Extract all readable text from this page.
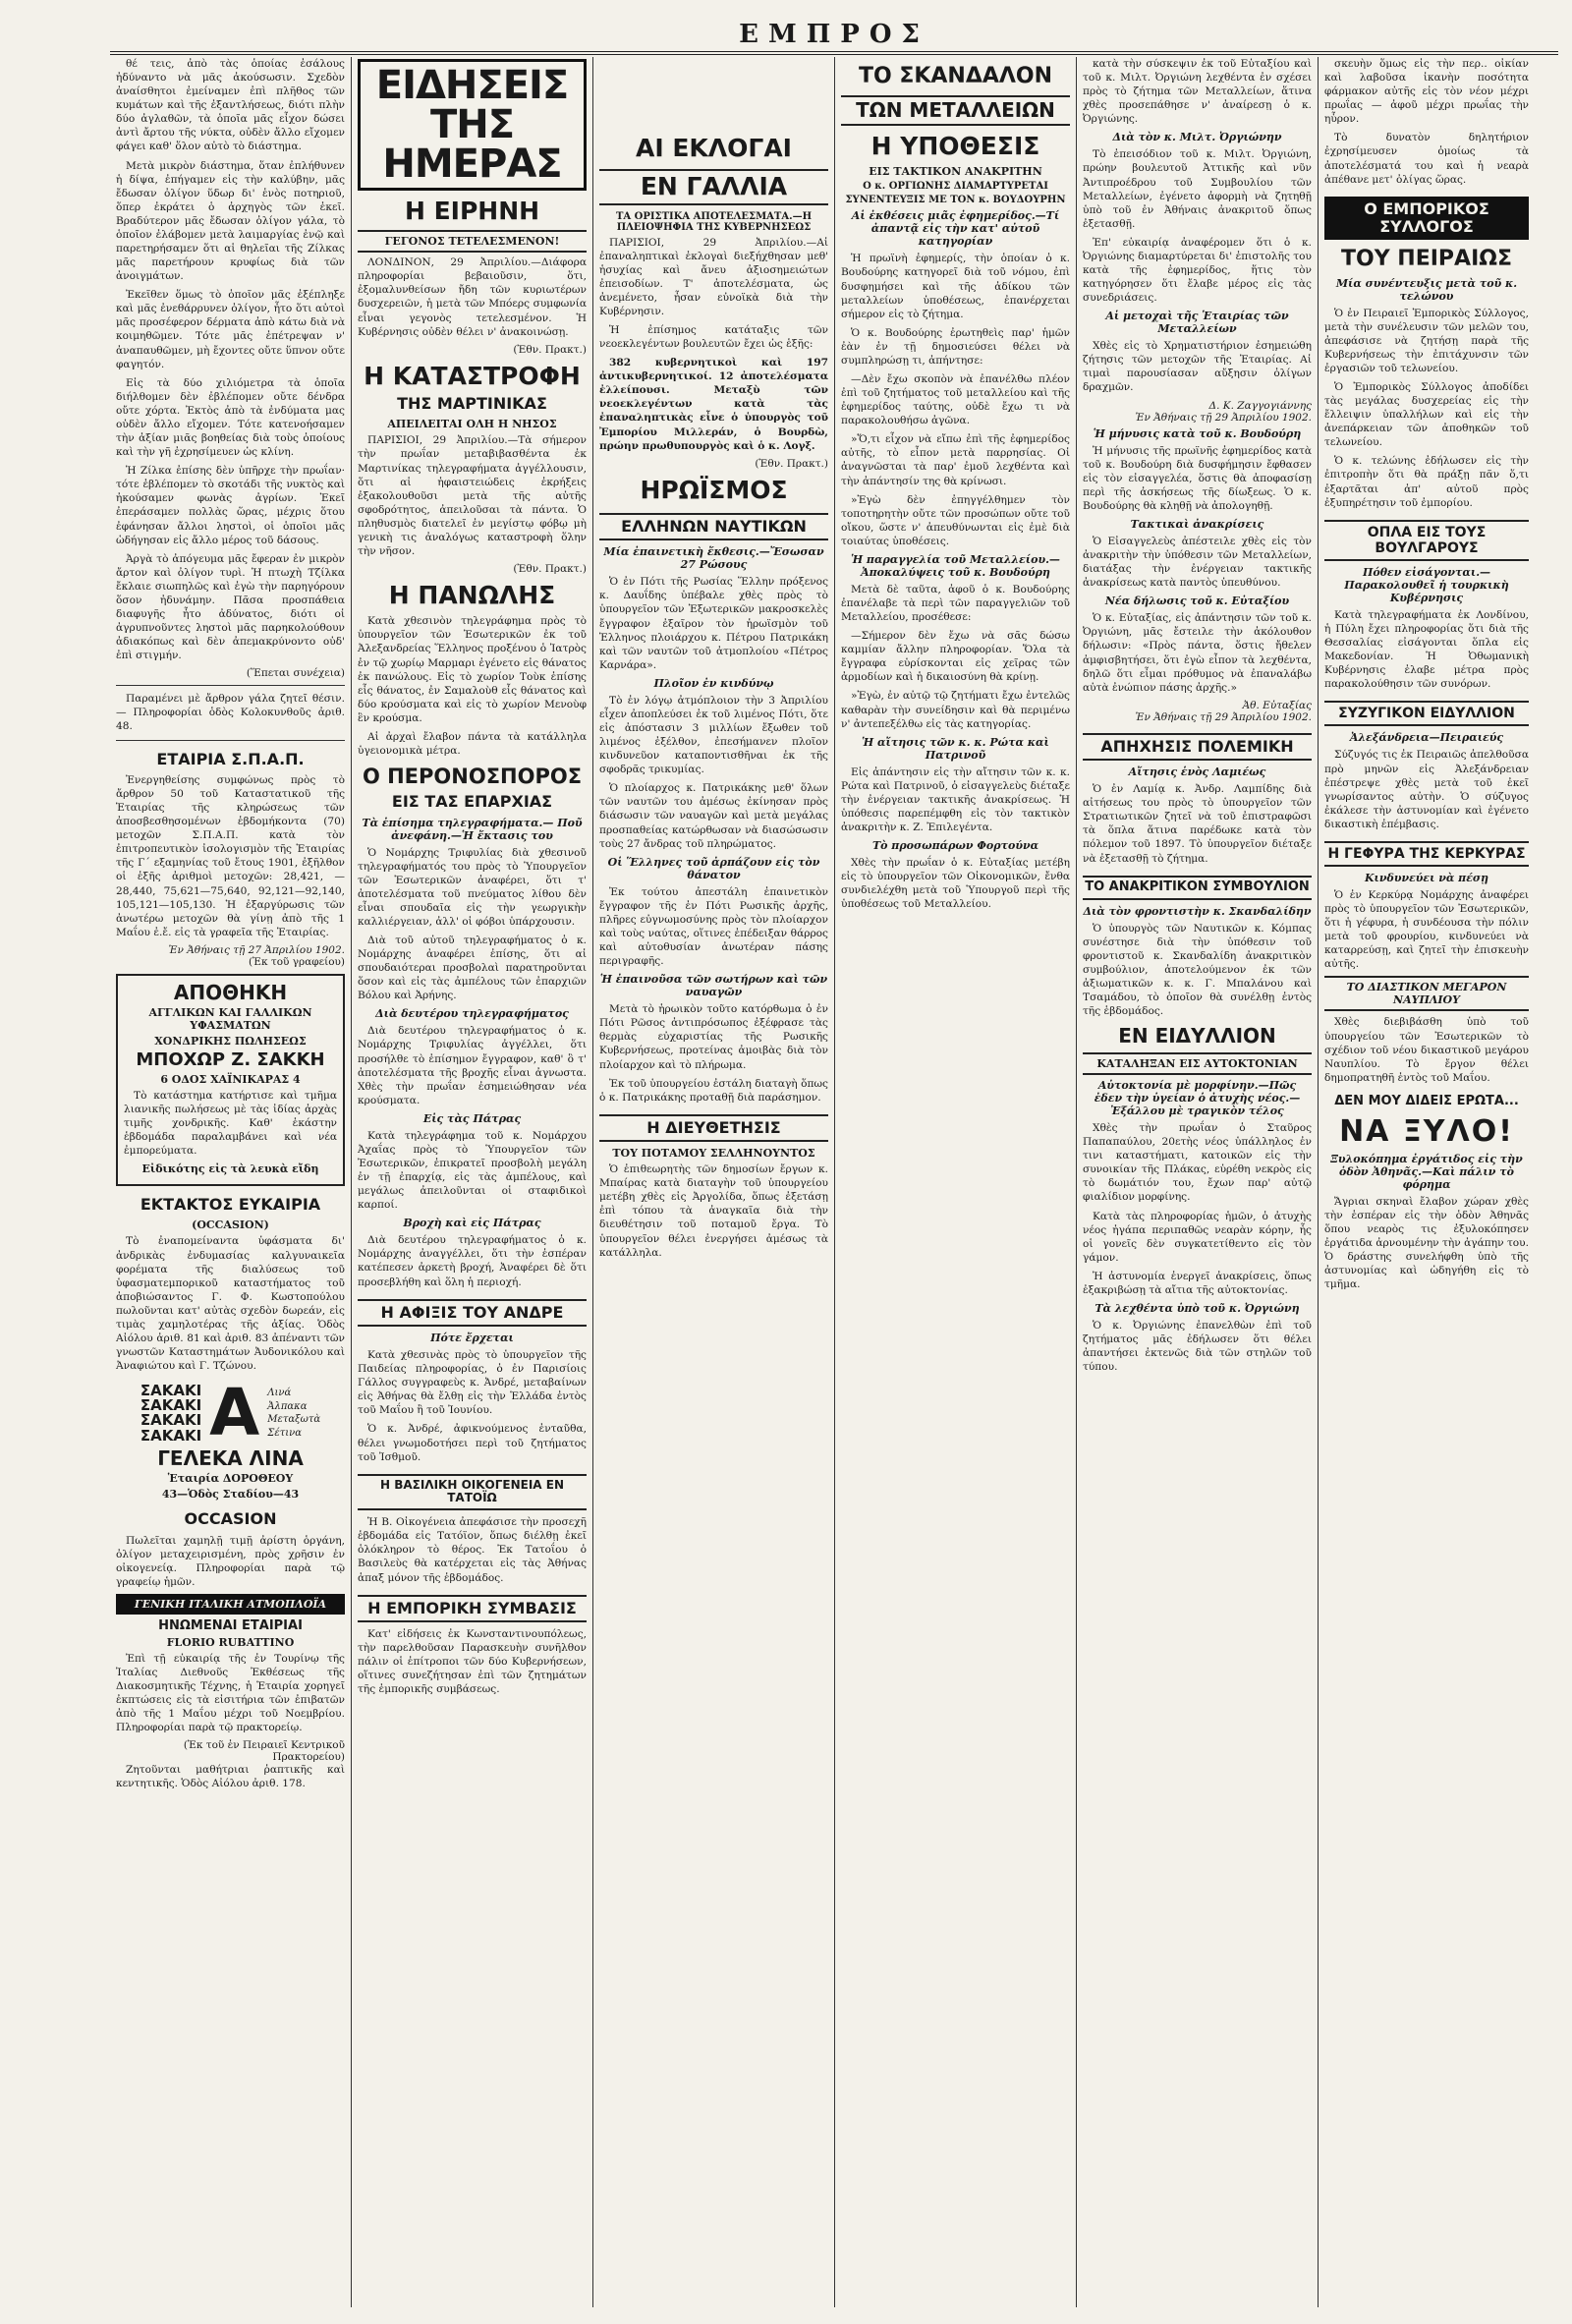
ΕΜΠΡΟΣ

θέ τεις, ἀπὸ τὰς ὁποίας ἐσάλους ἠδύναντο νὰ μᾶς ἀκούσωσιν. Σχεδὸν ἀναίσθητοι ἐμείναμεν ἐπὶ πλῆθος τῶν κυμάτων καὶ τῆς ἐξαντλήσεως, διότι πλὴν δύο ἀγλαθῶν, τὰ ὁποῖα μᾶς εἶχον δώσει ἀντὶ ἄρτου τῆς νύκτα, οὐδὲν ἄλλο εἴχομεν φάγει καθ' ὅλον αὐτὸ τὸ διάστημα.

Μετὰ μικρὸν διάστημα, ὅταν ἐπλήθυνεν ἡ δίψα, ἐπήγαμεν εἰς τὴν καλύβην, μᾶς ἔδωσαν ὀλίγον ὕδωρ δι' ἑνὸς ποτηριοῦ, ὅπερ ἐκράτει ὁ ἀρχηγὸς τῶν ἐκεῖ. Βραδύτερον μᾶς ἔδωσαν ὀλίγον γάλα, τὸ ὁποῖον ἐλάβομεν μετὰ λαιμαργίας ἐνῷ καὶ παρετηρήσαμεν ὅτι αἱ θηλεῖαι τῆς Ζίλκας μᾶς παρετήρουν κρυφίως διὰ τῶν ἀνοιγμάτων.

Ἐκεῖθεν ὅμως τὸ ὁποῖον μᾶς ἐξέπληξε καὶ μᾶς ἐνεθάρρυνεν ὀλίγον, ἦτο ὅτι αὐτοὶ μᾶς προσέφερον δέρματα ἀπὸ κάτω διὰ νὰ κοιμηθῶμεν. Τότε μᾶς ἐπέτρεψαν ν' ἀναπαυθῶμεν, μὴ ἔχοντες οὔτε ὕπνον οὔτε φαγητόν.

Εἰς τὰ δύο χιλιόμετρα τὰ ὁποῖα διήλθομεν δὲν ἐβλέπομεν οὔτε δένδρα οὔτε χόρτα. Ἐκτὸς ἀπὸ τὰ ἐνδύματα μας οὐδὲν ἄλλο εἴχομεν. Τότε κατενοήσαμεν τὴν ἀξίαν μιᾶς βοηθείας διὰ τοὺς ὁποίους καὶ τὴν γῆ ἐχρησίμευεν ὡς κλίνη.

Ἡ Ζίλκα ἐπίσης δὲν ὑπῆρχε τὴν πρωΐαν· τότε ἐβλέπομεν τὸ σκοτάδι τῆς νυκτὸς καὶ ἠκούσαμεν φωνὰς ἀγρίων. Ἐκεῖ ἐπεράσαμεν πολλὰς ὥρας, μέχρις ὅτου ἐφάνησαν ἄλλοι ληστοὶ, οἱ ὁποῖοι μᾶς ὡδήγησαν εἰς ἄλλο μέρος τοῦ δάσους.

Ἀργὰ τὸ ἀπόγευμα μᾶς ἔφεραν ἐν μικρὸν ἄρτον καὶ ὀλίγον τυρὶ. Ἡ πτωχὴ Τζίλκα ἔκλαιε σιωπηλῶς καὶ ἐγὼ τὴν παρηγόρουν ὅσον ἠδυνάμην. Πᾶσα προσπάθεια διαφυγῆς ἦτο ἀδύνατος, διότι οἱ ἀγρυπνοῦντες ληστοὶ μᾶς παρηκολούθουν ἀδιακόπως καὶ δὲν ἀπεμακρύνοντο οὐδ' ἐπὶ στιγμήν.

(Ἕπεται συνέχεια)

Παραμένει μὲ ἄρθρον γάλα ζητεῖ θέσιν.— Πληροφορίαι ὁδὸς Κολοκυνθοῦς ἀριθ. 48.

ΕΤΑΙΡΙΑ Σ.Π.Α.Π.

Ἐνεργηθείσης συμφώνως πρὸς τὸ ἄρθρον 50 τοῦ Καταστατικοῦ τῆς Ἑταιρίας τῆς κληρώσεως τῶν ἀποσβεσθησομένων ἑβδομήκοντα (70) μετοχῶν Σ.Π.Α.Π. κατὰ τὸν ἐπιτροπευτικὸν ἰσολογισμὸν τῆς Ἑταιρίας τῆς Γ΄ εξαμηνίας τοῦ ἔτους 1901, ἐξῆλθον οἱ ἑξῆς ἀριθμοὶ μετοχῶν: 28,421, —28,440, 75,621—75,640, 92,121—92,140, 105,121—105,130. Ἡ ἐξαργύρωσις τῶν ἀνωτέρω μετοχῶν θὰ γίνῃ ἀπὸ τῆς 1 Μαΐου ἐ.ἔ. εἰς τὰ γραφεῖα τῆς Ἑταιρίας.

Ἐν Ἀθήναις τῇ 27 Ἀπριλίου 1902.
(Ἐκ τοῦ γραφείου)
ΑΠΟΘΗΚΗ
ΑΓΓΛΙΚΩΝ ΚΑΙ ΓΑΛΛΙΚΩΝ ΥΦΑΣΜΑΤΩΝ
ΧΟΝΔΡΙΚΗΣ ΠΩΛΗΣΕΩΣ
ΜΠΟΧΩΡ Ζ. ΣΑΚΚΗ
6 ΟΔΟΣ ΧΑΪΝΙΚΑΡΑΣ 4

Τὸ κατάστημα κατήρτισε καὶ τμῆμα λιανικῆς πωλήσεως μὲ τὰς ἰδίας ἀρχὰς τιμῆς χονδρικῆς. Καθ' ἑκάστην ἑβδομάδα παραλαμβάνει καὶ νέα ἐμπορεύματα.

Εἰδικότης εἰς τὰ λευκὰ εἴδη
ΕΚΤΑΚΤΟΣ ΕΥΚΑΙΡΙΑ
(OCCASION)

Τὸ ἐναπομείναντα ὑφάσματα δι' ἀνδρικὰς ἐνδυμασίας καλγυναικεῖα φορέματα τῆς διαλύσεως τοῦ ὑφασματεμπορικοῦ καταστήματος τοῦ ἀποβιώσαντος Γ. Φ. Κωστοπούλου πωλοῦνται κατ' αὐτὰς σχεδὸν δωρεάν, εἰς τιμὰς χαμηλοτέρας τῆς ἀξίας. Ὁδὸς Αἰόλου ἀριθ. 81 καὶ ἀριθ. 83 ἀπέναντι τῶν γνωστῶν Καταστημάτων Ἀυδονικόλου καὶ Ἀναφιώτου καὶ Γ. Τζώνου.

ΣΑΚΑΚΙ
ΣΑΚΑΚΙ
ΣΑΚΑΚΙ
ΣΑΚΑΚΙ Α Λινά
Ἀλπακα
Μεταξωτὰ
Σέτινα
ΓΕΛΕΚΑ ΛΙΝΑ
Ἑταιρία ΔΟΡΟΘΕΟΥ
43—Ὁδὸς Σταδίου—43
OCCASION

Πωλεῖται χαμηλῇ τιμῇ ἀρίστη ὁργάνη, ὀλίγον μεταχειρισμένη, πρὸς χρῆσιν ἐν οἰκογενείᾳ. Πληροφορίαι παρὰ τῷ γραφείῳ ἡμῶν.

ΓΕΝΙΚΗ ΙΤΑΛΙΚΗ ΑΤΜΟΠΛΟΪΑ
ΗΝΩΜΕΝΑΙ ΕΤΑΙΡΙΑΙ
FLORIO RUBATTINO

Ἐπὶ τῇ εὐκαιρίᾳ τῆς ἐν Τουρίνῳ τῆς Ἰταλίας Διεθνοῦς Ἐκθέσεως τῆς Διακοσμητικῆς Τέχνης, ἡ Ἑταιρία χορηγεῖ ἐκπτώσεις εἰς τὰ εἰσιτήρια τῶν ἐπιβατῶν ἀπὸ τῆς 1 Μαΐου μέχρι τοῦ Νοεμβρίου. Πληροφορίαι παρὰ τῷ πρακτορείῳ.

(Ἐκ τοῦ ἐν Πειραιεῖ Κεντρικοῦ Πρακτορείου)

Ζητοῦνται μαθήτριαι ῥαπτικῆς καὶ κεντητικῆς. Ὁδὸς Αἰόλου ἀριθ. 178.

ΕΙΔΗΣΕΙΣ ΤΗΣ ΗΜΕΡΑΣ
Η ΕΙΡΗΝΗ
ΓΕΓΟΝΟΣ ΤΕΤΕΛΕΣΜΕΝΟΝ!

ΛΟΝΔΙΝΟΝ, 29 Ἀπριλίου.—Διάφορα πληροφορίαι βεβαιοῦσιν, ὅτι, ἐξομαλυνθείσων ἤδη τῶν κυριωτέρων δυσχερειῶν, ἡ μετὰ τῶν Μπόερς συμφωνία εἶναι γεγονὸς τετελεσμένον. Ἡ Κυβέρνησις οὐδὲν θέλει ν' ἀνακοινώσῃ.

(Ἐθν. Πρακτ.)
Η ΚΑΤΑΣΤΡΟΦΗ
ΤΗΣ ΜΑΡΤΙΝΙΚΑΣ
ΑΠΕΙΛΕΙΤΑΙ ΟΛΗ Η ΝΗΣΟΣ

ΠΑΡΙΣΙΟΙ, 29 Ἀπριλίου.—Τὰ σήμερον τὴν πρωΐαν μεταβιβασθέντα ἐκ Μαρτινίκας τηλεγραφήματα ἀγγέλλουσιν, ὅτι αἱ ἡφαιστειώδεις ἐκρήξεις ἐξακολουθοῦσι μετὰ τῆς αὐτῆς σφοδρότητος, ἀπειλοῦσαι τὰ πάντα. Ὁ πληθυσμὸς διατελεῖ ἐν μεγίστῳ φόβῳ μὴ γενικὴ τις ἀναλόγως καταστροφὴ ὅλην τὴν νῆσον.

(Ἐθν. Πρακτ.)
Η ΠΑΝΩΛΗΣ

Κατὰ χθεσινὸν τηλεγράφημα πρὸς τὸ ὑπουργεῖον τῶν Ἐσωτερικῶν ἐκ τοῦ Ἀλεξανδρείας Ἕλληνος προξένου ὁ Ἰατρὸς ἐν τῷ χωρίῳ Μαρμαρι ἐγένετο εἰς θάνατος ἐκ πανώλους. Εἰς τὸ χωρίον Τοὺκ ἐπίσης εἷς θάνατος, ἐν Σαμαλοὺθ εἷς θάνατος καὶ δύο κρούσματα καὶ εἰς τὸ χωρίον Μενοὺφ ἓν κρούσμα.

Αἱ ἀρχαὶ ἔλαβον πάντα τὰ κατάλληλα ὑγειονομικὰ μέτρα.

Ο ΠΕΡΟΝΟΣΠΟΡΟΣ
ΕΙΣ ΤΑΣ ΕΠΑΡΧΙΑΣ
Τὰ ἐπίσημα τηλεγραφήματα.— Ποῦ ἀνεφάνη.—Ἡ ἔκτασις του

Ὁ Νομάρχης Τριφυλίας διὰ χθεσινοῦ τηλεγραφήματός του πρὸς τὸ Ὑπουργεῖον τῶν Ἐσωτερικῶν ἀναφέρει, ὅτι τ' ἀποτελέσματα τοῦ πνεύματος λίθου δὲν εἶναι σπουδαῖα εἰς τὴν γεωργικὴν καλλιέργειαν, ἀλλ' οἱ φόβοι ὑπάρχουσιν.

Διὰ τοῦ αὐτοῦ τηλεγραφήματος ὁ κ. Νομάρχης ἀναφέρει ἐπίσης, ὅτι αἱ σπουδαιότεραι προσβολαὶ παρατηροῦνται ὅσον καὶ εἰς τὰς ἀμπέλους τῶν ἐπαρχιῶν Βόλου καὶ Ἀρήνης.

Διὰ δευτέρου τηλεγραφήματος

Διὰ δευτέρου τηλεγραφήματος ὁ κ. Νομάρχης Τριφυλίας ἀγγέλλει, ὅτι προσήλθε τὸ ἐπίσημον ἔγγραφον, καθ' ὃ τ' ἀποτελέσματα τῆς βροχῆς εἶναι ἀγνωστα. Χθὲς τὴν πρωΐαν ἐσημειώθησαν νέα κρούσματα.

Εἰς τὰς Πάτρας

Κατὰ τηλεγράφημα τοῦ κ. Νομάρχου Ἀχαΐας πρὸς τὸ Ὑπουργεῖον τῶν Ἐσωτερικῶν, ἐπικρατεῖ προσβολὴ μεγάλη ἐν τῇ ἐπαρχίᾳ, εἰς τὰς ἀμπέλους, καὶ μεγάλως ἀπειλοῦνται οἱ σταφιδικοὶ καρποί.

Βροχὴ καὶ εἰς Πάτρας

Διὰ δευτέρου τηλεγραφήματος ὁ κ. Νομάρχης ἀναγγέλλει, ὅτι τὴν ἑσπέραν κατέπεσεν ἀρκετὴ βροχή, Ἀναφέρει δὲ ὅτι προσεβλήθη καὶ ὅλη ἡ περιοχή.

Η ΑΦΙΞΙΣ ΤΟΥ ΑΝΔΡΕ
Πότε ἔρχεται

Κατὰ χθεσινὰς πρὸς τὸ ὑπουργεῖον τῆς Παιδείας πληροφορίας, ὁ ἐν Παρισίοις Γάλλος συγγραφεὺς κ. Ἀνδρέ, μεταβαίνων εἰς Ἀθήνας θὰ ἔλθῃ εἰς τὴν Ἑλλάδα ἐντὸς τοῦ Μαΐου ἢ τοῦ Ἰουνίου.

Ὁ κ. Ἀνδρέ, ἀφικνούμενος ἐνταῦθα, θέλει γνωμοδοτήσει περὶ τοῦ ζητήματος τοῦ Ἰσθμοῦ.

Η ΒΑΣΙΛΙΚΗ ΟΙΚΟΓΕΝΕΙΑ ΕΝ ΤΑΤΟΪΩ

Ἡ Β. Οἰκογένεια ἀπεφάσισε τὴν προσεχῆ ἑβδομάδα εἰς Τατόϊον, ὅπως διέλθῃ ἐκεῖ ὁλόκληρον τὸ θέρος. Ἐκ Τατοΐου ὁ Βασιλεὺς θὰ κατέρχεται εἰς τὰς Ἀθήνας ἁπαξ μόνον τῆς ἑβδομάδος.

Η ΕΜΠΟΡΙΚΗ ΣΥΜΒΑΣΙΣ

Κατ' εἰδήσεις ἐκ Κωνσταντινουπόλεως, τὴν παρελθοῦσαν Παρασκευὴν συνῆλθον πάλιν οἱ ἐπίτροποι τῶν δύο Κυβερνήσεων, οἵτινες συνεζήτησαν ἐπὶ τῶν ζητημάτων τῆς ἐμπορικῆς συμβάσεως.

ΑΙ ΕΚΛΟΓΑΙ
ΕΝ ΓΑΛΛΙΑ
ΤΑ ΟΡΙΣΤΙΚΑ ΑΠΟΤΕΛΕΣΜΑΤΑ.—Η ΠΛΕΙΟΨΗΦΙΑ ΤΗΣ ΚΥΒΕΡΝΗΣΕΩΣ

ΠΑΡΙΣΙΟΙ, 29 Ἀπριλίου.—Αἱ ἐπαναληπτικαὶ ἐκλογαὶ διεξήχθησαν μεθ' ἡσυχίας καὶ ἄνευ ἀξιοσημειώτων ἐπεισοδίων. Τ' ἀποτελέσματα, ὡς ἀνεμένετο, ἦσαν εὐνοϊκὰ διὰ τὴν Κυβέρνησιν.

Ἡ ἐπίσημος κατάταξις τῶν νεοεκλεγέντων βουλευτῶν ἔχει ὡς ἑξῆς:

382 κυβερνητικοὶ καὶ 197 ἀντικυβερνητικοί. 12 ἀποτελέσματα ἐλλείπουσι. Μεταξὺ τῶν νεοεκλεγέντων κατὰ τὰς ἐπαναληπτικὰς εἶνε ὁ ὑπουργὸς τοῦ Ἐμπορίου Μιλλεράν, ὁ Βουρδὼ, πρώην πρωθυπουργὸς καὶ ὁ κ. Λογξ.

(Ἐθν. Πρακτ.)
ΗΡΩΪΣΜΟΣ
ΕΛΛΗΝΩΝ ΝΑΥΤΙΚΩΝ
Μία ἐπαινετικὴ ἔκθεσις.—Ἔσωσαν 27 Ρώσους

Ὁ ἐν Πότι τῆς Ρωσίας Ἕλλην πρόξενος κ. Δαυΐδης ὑπέβαλε χθὲς πρὸς τὸ ὑπουργεῖον τῶν Ἐξωτερικῶν μακροσκελὲς ἔγγραφον ἐξαῖρον τὸν ἡρωϊσμὸν τοῦ Ἑλληνος πλοιάρχου κ. Πέτρου Πατρικάκη καὶ τῶν ναυτῶν τοῦ ἀτμοπλοίου «Πέτρος Καρνάρα».

Πλοῖον ἐν κινδύνῳ

Τὸ ἐν λόγῳ ἀτμόπλοιον τὴν 3 Ἀπριλίου εἶχεν ἀποπλεύσει ἐκ τοῦ λιμένος Πότι, ὅτε εἰς ἀπόστασιν 3 μιλλίων ἔξωθεν τοῦ λιμένος ἐξέλθον, ἐπεσήμανεν πλοῖον κινδυνεῦον καταποντισθῆναι ἐκ τῆς σφοδρᾶς τρικυμίας.

Ὁ πλοίαρχος κ. Πατρικάκης μεθ' ὅλων τῶν ναυτῶν του ἀμέσως ἐκίνησαν πρὸς διάσωσιν τῶν ναυαγῶν καὶ μετὰ μεγάλας προσπαθείας κατώρθωσαν νὰ διασώσωσιν τοὺς 27 ἄνδρας τοῦ πληρώματος.

Οἱ Ἕλληνες τοῦ ἀρπάζουν εἰς τὸν θάνατον

Ἐκ τούτου ἀπεστάλη ἐπαινετικὸν ἔγγραφον τῆς ἐν Πότι Ρωσικῆς ἀρχῆς, πλῆρες εὐγνωμοσύνης πρὸς τὸν πλοίαρχον καὶ τοὺς ναύτας, οἵτινες ἐπέδειξαν θάρρος καὶ αὐτοθυσίαν ἀνωτέραν πάσης περιγραφῆς.

Ἡ ἐπαινοῦσα τῶν σωτήρων καὶ τῶν ναυαγῶν

Μετὰ τὸ ἡρωικὸν τοῦτο κατόρθωμα ὁ ἐν Πότι Ρῶσος ἀντιπρόσωπος ἐξέφρασε τὰς θερμὰς εὐχαριστίας τῆς Ρωσικῆς Κυβερνήσεως, προτείνας ἀμοιβὰς διὰ τὸν πλοίαρχον καὶ τὸ πλήρωμα.

Ἐκ τοῦ ὑπουργείου ἐστάλη διαταγὴ ὅπως ὁ κ. Πατρικάκης προταθῇ διὰ παράσημον.

Η ΔΙΕΥΘΕΤΗΣΙΣ
ΤΟΥ ΠΟΤΑΜΟΥ ΣΕΛΛΗΝΟΥΝΤΟΣ

Ὁ ἐπιθεωρητὴς τῶν δημοσίων ἔργων κ. Μπαίρας κατὰ διαταγὴν τοῦ ὑπουργείου μετέβη χθὲς εἰς Ἀργολίδα, ὅπως ἐξετάσῃ ἐπὶ τόπου τὰ ἀναγκαῖα διὰ τὴν διευθέτησιν τοῦ ποταμοῦ ἔργα. Τὸ ὑπουργεῖον θέλει ἐνεργήσει ἀμέσως τὰ κατάλληλα.

ΤΟ ΣΚΑΝΔΑΛΟΝ
ΤΩΝ ΜΕΤΑΛΛΕΙΩΝ
Η ΥΠΟΘΕΣΙΣ
ΕΙΣ ΤΑΚΤΙΚΟΝ ΑΝΑΚΡΙΤΗΝ
Ο κ. ΟΡΓΙΩΝΗΣ ΔΙΑΜΑΡΤΥΡΕΤΑΙ
ΣΥΝΕΝΤΕΥΞΙΣ ΜΕ ΤΟΝ κ. ΒΟΥΔΟΥΡΗΝ
Αἱ ἐκθέσεις μιᾶς ἐφημερίδος.—Τί ἀπαντᾷ εἰς τὴν κατ' αὐτοῦ κατηγορίαν

Ἡ πρωϊνὴ ἐφημερίς, τὴν ὁποίαν ὁ κ. Βουδούρης κατηγορεῖ διὰ τοῦ νόμου, ἐπὶ δυσφημήσει καὶ τῆς ἀδίκου τῶν μεταλλείων ὑποθέσεως, ἐπανέρχεται σήμερον εἰς τὸ ζήτημα.

Ὁ κ. Βουδούρης ἐρωτηθεὶς παρ' ἡμῶν ἐὰν ἐν τῇ δημοσιεύσει θέλει νὰ συμπληρώσῃ τι, ἀπήντησε:

—Δὲν ἔχω σκοπὸν νὰ ἐπανέλθω πλέον ἐπὶ τοῦ ζητήματος τοῦ μεταλλείου καὶ τῆς ἐφημερίδος ταύτης, οὐδὲ ἔχω τι νὰ παρακολουθήσω ἀγῶνα.

»Ὅ,τι εἶχον νὰ εἴπω ἐπὶ τῆς ἐφημερίδος αὐτῆς, τὸ εἶπον μετὰ παρρησίας. Οἱ ἀναγνῶσται τὰ παρ' ἐμοῦ λεχθέντα καὶ τὴν ἀπάντησίν της θὰ κρίνωσι.

»Ἐγὼ δὲν ἐπηγγέλθημεν τὸν τοποτηρητὴν οὔτε τῶν προσώπων οὔτε τοῦ οἴκου, ὥστε ν' ἀπευθύνωνται εἰς ἐμὲ διὰ τοιαύτας ὑποθέσεις.

Ἡ παραγγελία τοῦ Μεταλλείου.—Ἀποκαλύψεις τοῦ κ. Βουδούρη

Μετὰ δὲ ταῦτα, ἀφοῦ ὁ κ. Βουδούρης ἐπανέλαβε τὰ περὶ τῶν παραγγελιῶν τοῦ Μεταλλείου, προσέθεσε:

—Σήμερον δὲν ἔχω νὰ σᾶς δώσω καμμίαν ἄλλην πληροφορίαν. Ὅλα τὰ ἔγγραφα εὑρίσκονται εἰς χεῖρας τῶν ἀρμοδίων καὶ ἡ δικαιοσύνη θὰ κρίνῃ.

»Ἐγὼ, ἐν αὐτῷ τῷ ζητήματι ἔχω ἐντελῶς καθαρὰν τὴν συνείδησιν καὶ θὰ περιμένω ν' ἀντεπεξέλθω εἰς τὰς κατηγορίας.

Ἡ αἴτησις τῶν κ. κ. Ρώτα καὶ Πατρινοῦ

Εἰς ἀπάντησιν εἰς τὴν αἴτησιν τῶν κ. κ. Ρώτα καὶ Πατρινοῦ, ὁ εἰσαγγελεὺς διέταξε τὴν ἐνέργειαν τακτικῆς ἀνακρίσεως. Ἡ ὑπόθεσις παρεπέμφθη εἰς τὸν τακτικὸν ἀνακριτὴν κ. Ζ. Ἐπιλεγέντα.

Τὸ προσωπάρων Φορτούνα

Χθὲς τὴν πρωΐαν ὁ κ. Εὐταξίας μετέβη εἰς τὸ ὑπουργεῖον τῶν Οἰκονομικῶν, ἔνθα συνδιελέχθη μετὰ τοῦ Ὑπουργοῦ περὶ τῆς ὑποθέσεως τοῦ Μεταλλείου.

κατὰ τὴν σύσκεψιν ἐκ τοῦ Εὐταξίου καὶ τοῦ κ. Μιλτ. Ὀργιώνη λεχθέντα ἐν σχέσει πρὸς τὸ ζήτημα τῶν Μεταλλείων, ἅτινα χθὲς προσεπάθησε ν' ἀναίρεσῃ ὁ κ. Ὀργιώνης.

Διὰ τὸν κ. Μιλτ. Ὀργιώνην

Τὸ ἐπεισόδιον τοῦ κ. Μιλτ. Ὀργιώνη, πρώην βουλευτοῦ Ἀττικῆς καὶ νῦν Ἀντιπροέδρου τοῦ Συμβουλίου τῶν Μεταλλείων, ἐγένετο ἀφορμὴ νὰ ζητηθῇ ὑπὸ τοῦ ἐν Ἀθήναις ἀνακριτοῦ ὅπως ἐξετασθῇ.

Ἐπ' εὐκαιρίᾳ ἀναφέρομεν ὅτι ὁ κ. Ὀργιώνης διαμαρτύρεται δι' ἐπιστολῆς του κατὰ τῆς ἐφημερίδος, ἥτις τὸν κατηγόρησεν ὅτι ἔλαβε μέρος εἰς τὰς συνεδριάσεις.

Αἱ μετοχαὶ τῆς Ἑταιρίας τῶν Μεταλλείων

Χθὲς εἰς τὸ Χρηματιστήριον ἐσημειώθη ζήτησις τῶν μετοχῶν τῆς Ἑταιρίας. Αἱ τιμαὶ παρουσίασαν αὔξησιν ὀλίγων δραχμῶν.

Δ. Κ. Ζαγγογιάννης
Ἐν Ἀθήναις τῇ 29 Ἀπριλίου 1902.
Ἡ μήνυσις κατὰ τοῦ κ. Βουδούρη

Ἡ μήνυσις τῆς πρωϊνῆς ἐφημερίδος κατὰ τοῦ κ. Βουδούρη διὰ δυσφήμησιν ἔφθασεν εἰς τὸν εἰσαγγελέα, ὅστις θὰ ἀποφασίσῃ περὶ τῆς ἀσκήσεως τῆς δίωξεως. Ὁ κ. Βουδούρης θὰ κληθῇ νὰ ἀπολογηθῇ.

Τακτικαὶ ἀνακρίσεις

Ὁ Εἰσαγγελεὺς ἀπέστειλε χθὲς εἰς τὸν ἀνακριτὴν τὴν ὑπόθεσιν τῶν Μεταλλείων, διατάξας τὴν ἐνέργειαν τακτικῆς ἀνακρίσεως κατὰ παντὸς ὑπευθύνου.

Νέα δήλωσις τοῦ κ. Εὐταξίου

Ὁ κ. Εὐταξίας, εἰς ἀπάντησιν τῶν τοῦ κ. Ὀργιώνη, μᾶς ἔστειλε τὴν ἀκόλουθον δήλωσιν: «Πρὸς πάντα, ὅστις ἤθελεν ἀμφισβητήσει, ὅτι ἐγὼ εἶπον τὰ λεχθέντα, δηλῶ ὅτι εἶμαι πρόθυμος νὰ ἐπαναλάβω αὐτὰ ἐνώπιον πάσης ἀρχῆς.»

Ἀθ. Εὐταξίας
Ἐν Ἀθήναις τῇ 29 Ἀπριλίου 1902.
ΑΠΗΧΗΣΙΣ ΠΟΛΕΜΙΚΗ
Αἴτησις ἑνὸς Λαμιέως

Ὁ ἐν Λαμίᾳ κ. Ἀνδρ. Λαμπίδης διὰ αἰτήσεως του πρὸς τὸ ὑπουργεῖον τῶν Στρατιωτικῶν ζητεῖ νὰ τοῦ ἐπιστραφῶσι τὰ ὅπλα ἅτινα παρέδωκε κατὰ τὸν πόλεμον τοῦ 1897. Τὸ ὑπουργεῖον διέταξε νὰ ἐξετασθῇ τὸ ζήτημα.

ΤΟ ΑΝΑΚΡΙΤΙΚΟΝ ΣΥΜΒΟΥΛΙΟΝ
Διὰ τὸν φροντιστὴν κ. Σκανδαλίδην

Ὁ ὑπουργὸς τῶν Ναυτικῶν κ. Κόμπας συνέστησε διὰ τὴν ὑπόθεσιν τοῦ φροντιστοῦ κ. Σκανδαλίδη ἀνακριτικὸν συμβούλιον, ἀποτελούμενον ἐκ τῶν ἀξιωματικῶν κ. κ. Γ. Μπαλάνου καὶ Τσαμάδου, τὸ ὁποῖον θὰ συνέλθῃ ἐντὸς τῆς ἑβδομάδος.

ΕΝ ΕΙΔΥΛΛΙΟΝ
ΚΑΤΑΛΗΞΑΝ ΕΙΣ ΑΥΤΟΚΤΟΝΙΑΝ
Αὐτοκτονία μὲ μορφίνην.—Πῶς ἐδεν τὴν ὑγείαν ὁ ἀτυχὴς νέος.—Ἐξάλλου μὲ τραγικὸν τέλος

Χθὲς τὴν πρωΐαν ὁ Σταῦρος Παπαπαύλου, 20ετὴς νέος ὑπάλληλος ἐν τινι καταστήματι, κατοικῶν εἰς τὴν συνοικίαν τῆς Πλάκας, εὑρέθη νεκρὸς εἰς τὸ δωμάτιόν του, ἔχων παρ' αὐτῷ φιαλίδιον μορφίνης.

Κατὰ τὰς πληροφορίας ἡμῶν, ὁ ἀτυχὴς νέος ἠγάπα περιπαθῶς νεαρὰν κόρην, ἧς οἱ γονεῖς δὲν συγκατετίθεντο εἰς τὸν γάμον.

Ἡ ἀστυνομία ἐνεργεῖ ἀνακρίσεις, ὅπως ἐξακριβώσῃ τὰ αἴτια τῆς αὐτοκτονίας.

Τὰ λεχθέντα ὑπὸ τοῦ κ. Ὀργιώνη

Ὁ κ. Ὀργιώνης ἐπανελθὼν ἐπὶ τοῦ ζητήματος μᾶς ἐδήλωσεν ὅτι θέλει ἀπαντήσει ἐκτενῶς διὰ τῶν στηλῶν τοῦ τύπου.

σκευὴν ὅμως εἰς τὴν περ.. οἰκίαν καὶ λαβοῦσα ἱκανὴν ποσότητα φάρμακον αὐτῆς εἰς τὸν νέον μέχρι πρωΐας — ἀφοῦ μέχρι πρωΐας τὴν ηὗρον.

Τὸ δυνατὸν δηλητήριον ἐχρησίμευσεν ὁμοίως τὰ ἀποτελέσματά του καὶ ἡ νεαρὰ ἀπέθανε μετ' ὀλίγας ὥρας.

Ο ΕΜΠΟΡΙΚΟΣ ΣΥΛΛΟΓΟΣ
ΤΟΥ ΠΕΙΡΑΙΩΣ
Μία συνέντευξις μετὰ τοῦ κ. τελώνου

Ὁ ἐν Πειραιεῖ Ἐμπορικὸς Σύλλογος, μετὰ τὴν συνέλευσιν τῶν μελῶν του, ἀπεφάσισε νὰ ζητήσῃ παρὰ τῆς Κυβερνήσεως τὴν ἐπιτάχυνσιν τῶν ἐργασιῶν τοῦ τελωνείου.

Ὁ Ἐμπορικὸς Σύλλογος ἀποδίδει τὰς μεγάλας δυσχερείας εἰς τὴν ἔλλειψιν ὑπαλλήλων καὶ εἰς τὴν ἀνεπάρκειαν τῶν ἀποθηκῶν τοῦ τελωνείου.

Ὁ κ. τελώνης ἐδήλωσεν εἰς τὴν ἐπιτροπὴν ὅτι θὰ πράξῃ πᾶν ὅ,τι ἐξαρτᾶται ἀπ' αὐτοῦ πρὸς ἐξυπηρέτησιν τοῦ ἐμπορίου.

ΟΠΛΑ ΕΙΣ ΤΟΥΣ ΒΟΥΛΓΑΡΟΥΣ
Πόθεν εἰσάγονται.—Παρακολουθεῖ ἡ τουρκικὴ Κυβέρνησις

Κατὰ τηλεγραφήματα ἐκ Λονδίνου, ἡ Πύλη ἔχει πληροφορίας ὅτι διὰ τῆς Θεσσαλίας εἰσάγονται ὅπλα εἰς Μακεδονίαν. Ἡ Ὀθωμανικὴ Κυβέρνησις ἐλαβε μέτρα πρὸς παρακολούθησιν τῶν συνόρων.

ΣΥΖΥΓΙΚΟΝ ΕΙΔΥΛΛΙΟΝ
Ἀλεξάνδρεια—Πειραιεύς

Σύζυγός τις ἐκ Πειραιῶς ἀπελθοῦσα πρὸ μηνῶν εἰς Ἀλεξάνδρειαν ἐπέστρεψε χθὲς μετὰ τοῦ ἐκεῖ γνωρίσαντος αὐτὴν. Ὁ σύζυγος ἐκάλεσε τὴν ἀστυνομίαν καὶ ἐγένετο δικαστικὴ ἐπέμβασις.

Η ΓΕΦΥΡΑ ΤΗΣ ΚΕΡΚΥΡΑΣ
Κινδυνεύει νὰ πέσῃ

Ὁ ἐν Κερκύρᾳ Νομάρχης ἀναφέρει πρὸς τὸ ὑπουργεῖον τῶν Ἐσωτερικῶν, ὅτι ἡ γέφυρα, ἡ συνδέουσα τὴν πόλιν μετὰ τοῦ φρουρίου, κινδυνεύει νὰ καταρρεύσῃ, καὶ ζητεῖ τὴν ἐπισκευὴν αὐτῆς.

ΤΟ ΔΙΑΣΤΙΚΟΝ ΜΕΓΑΡΟΝ ΝΑΥΠΛΙΟΥ

Χθὲς διεβιβάσθη ὑπὸ τοῦ ὑπουργείου τῶν Ἐσωτερικῶν τὸ σχέδιον τοῦ νέου δικαστικοῦ μεγάρου Ναυπλίου. Τὸ ἔργον θέλει δημοπρατηθῆ ἐντὸς τοῦ Μαΐου.

ΔΕΝ ΜΟΥ ΔΙΔΕΙΣ ΕΡΩΤΑ...
ΝΑ ΞΥΛΟ!
Ξυλοκόπημα ἐργάτιδος εἰς τὴν ὁδὸν Ἀθηνᾶς.—Καὶ πάλιν τὸ φόρημα

Ἄγριαι σκηναὶ ἔλαβον χώραν χθὲς τὴν ἑσπέραν εἰς τὴν ὁδὸν Ἀθηνᾶς ὅπου νεαρὸς τις ἐξυλοκόπησεν ἐργάτιδα ἀρνουμένην τὴν ἀγάπην του. Ὁ δράστης συνελήφθη ὑπὸ τῆς ἀστυνομίας καὶ ὡδηγήθη εἰς τὸ τμῆμα.
